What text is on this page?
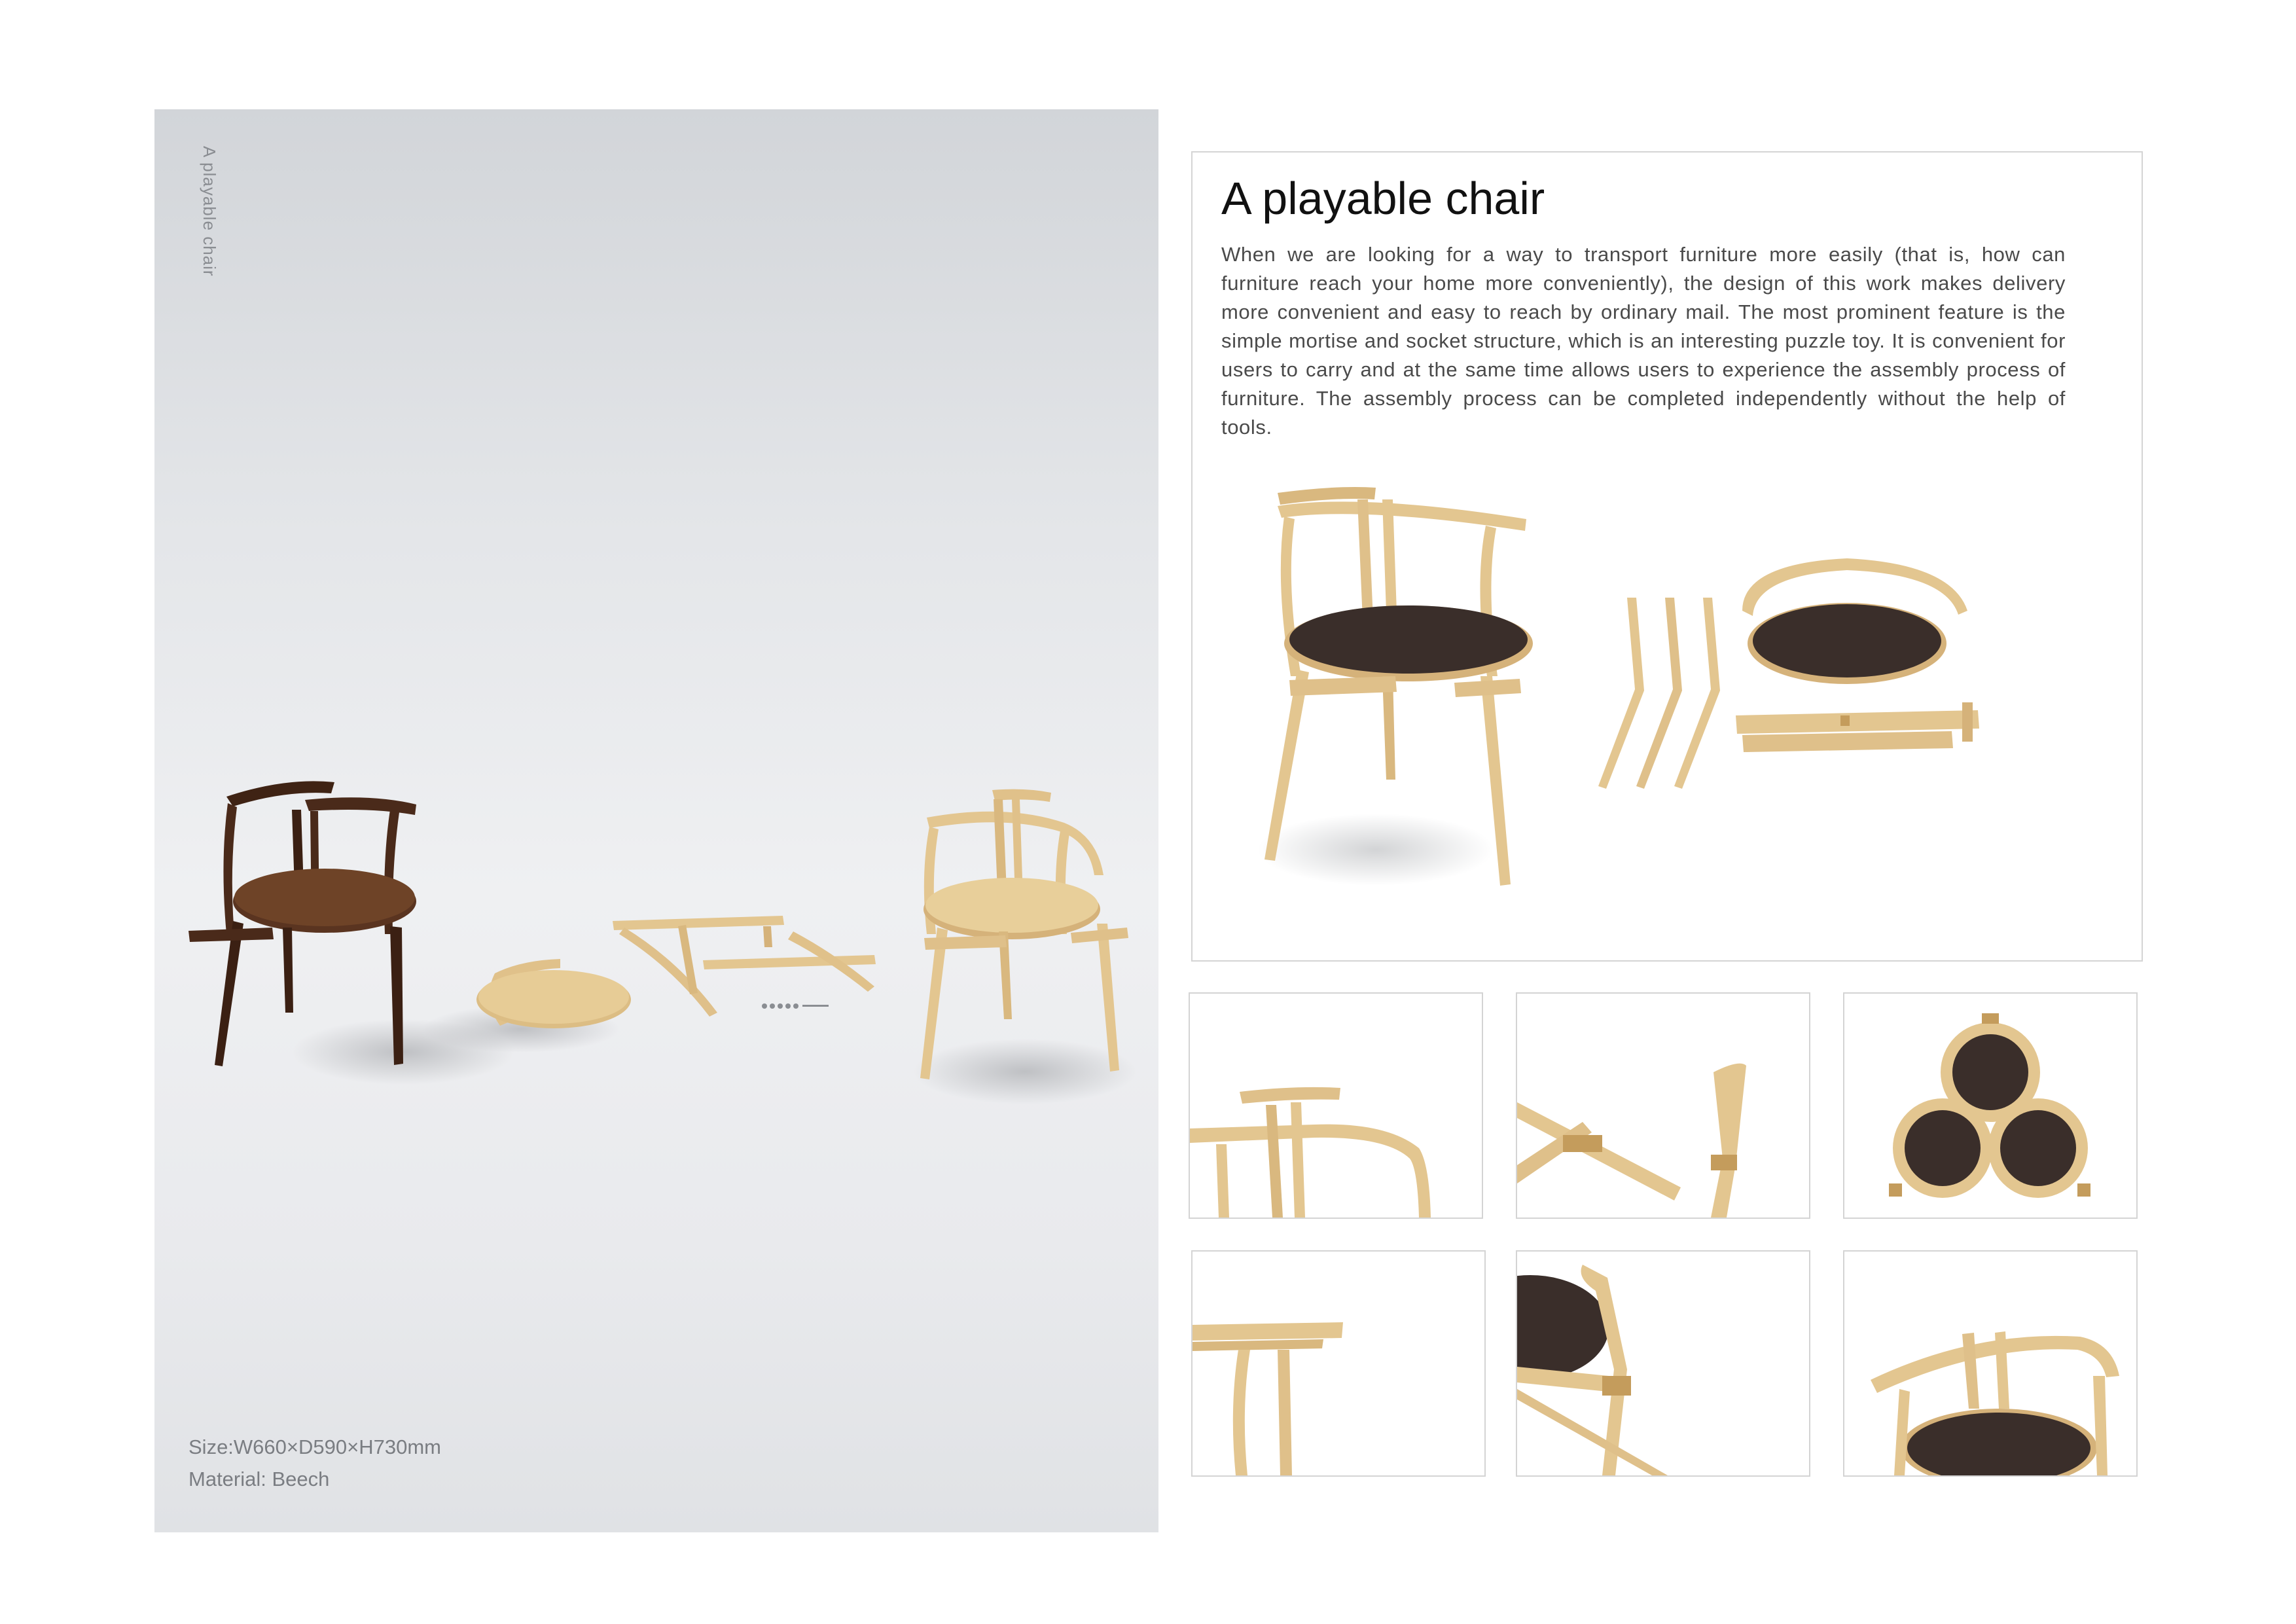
A playable chair
Size:W660×D590×H730mm
Material: Beech
A playable chair

When we are looking for a way to transport furniture more easily (that is, how can furniture reach your home more conveniently), the design of this work makes delivery more convenient and easy to reach by ordinary mail. The most prominent feature is the simple mortise and socket structure, which is an interesting puzzle toy. It is convenient for users to carry and at the same time allows users to experience the assembly process of furniture. The assembly process can be completed independently without the help of tools.
